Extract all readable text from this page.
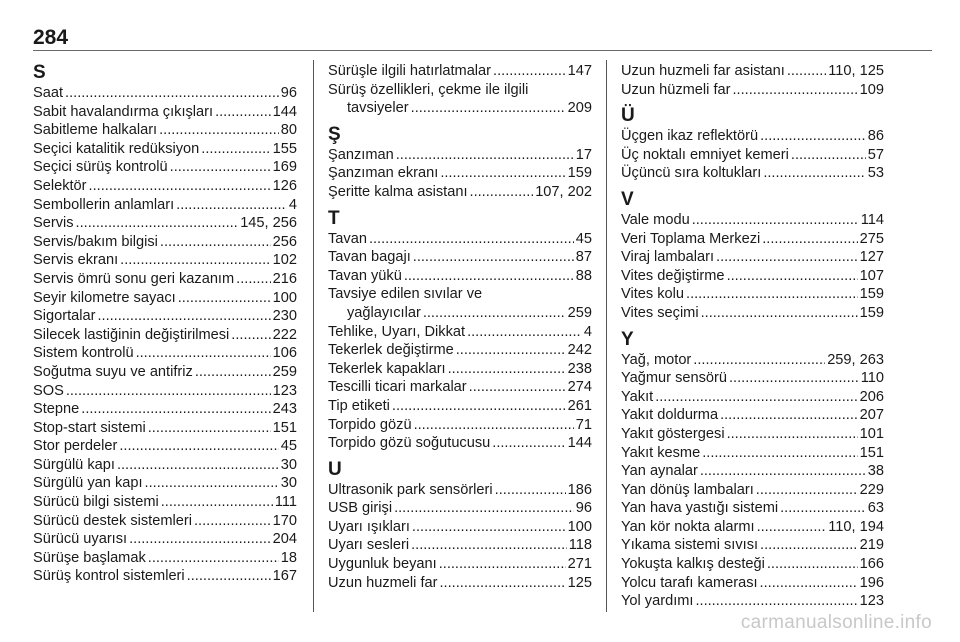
284
S
Saat .....	96
Sabit havalandırma çıkışları .....	144
Sabitleme halkaları .....	80
Seçici katalitik redüksiyon .....	155
Seçici sürüş kontrolü .....	169
Selektör .....	126
Sembollerin anlamları .....	4
Servis .....	145, 256
Servis/bakım bilgisi .....	256
Servis ekranı .....	102
Servis ömrü sonu geri kazanım .....	216
Seyir kilometre sayacı .....	100
Sigortalar .....	230
Silecek lastiğinin değiştirilmesi .....	222
Sistem kontrolü .....	106
Soğutma suyu ve antifriz .....	259
SOS .....	123
Stepne .....	243
Stop-start sistemi .....	151
Stor perdeler .....	45
Sürgülü kapı .....	30
Sürgülü yan kapı .....	30
Sürücü bilgi sistemi .....	111
Sürücü destek sistemleri .....	170
Sürücü uyarısı .....	204
Sürüşe başlamak .....	18
Sürüş kontrol sistemleri .....	167
Sürüşle ilgili hatırlatmalar .....	147
Sürüş özellikleri, çekme ile ilgili
tavsiyeler .....	209
Ş
Şanzıman .....	17
Şanzıman ekranı .....	159
Şeritte kalma asistanı .....	107, 202
T
Tavan .....	45
Tavan bagajı .....	87
Tavan yükü .....	88
Tavsiye edilen sıvılar ve
yağlayıcılar .....	259
Tehlike, Uyarı, Dikkat .....	4
Tekerlek değiştirme .....	242
Tekerlek kapakları .....	238
Tescilli ticari markalar .....	274
Tip etiketi .....	261
Torpido gözü .....	71
Torpido gözü soğutucusu .....	144
U
Ultrasonik park sensörleri .....	186
USB girişi .....	96
Uyarı ışıkları .....	100
Uyarı sesleri .....	118
Uygunluk beyanı .....	271
Uzun huzmeli far .....	125
Uzun huzmeli far asistanı .....	110, 125
Uzun hüzmeli far .....	109
Ü
Üçgen ikaz reflektörü .....	86
Üç noktalı emniyet kemeri .....	57
Üçüncü sıra koltukları .....	53
V
Vale modu .....	114
Veri Toplama Merkezi .....	275
Viraj lambaları .....	127
Vites değiştirme .....	107
Vites kolu .....	159
Vites seçimi .....	159
Y
Yağ, motor .....	259, 263
Yağmur sensörü .....	110
Yakıt .....	206
Yakıt doldurma .....	207
Yakıt göstergesi .....	101
Yakıt kesme .....	151
Yan aynalar .....	38
Yan dönüş lambaları .....	229
Yan hava yastığı sistemi .....	63
Yan kör nokta alarmı .....	110, 194
Yıkama sistemi sıvısı .....	219
Yokuşta kalkış desteği .....	166
Yolcu tarafı kamerası .....	196
Yol yardımı .....	123
carmanualsonline.info
